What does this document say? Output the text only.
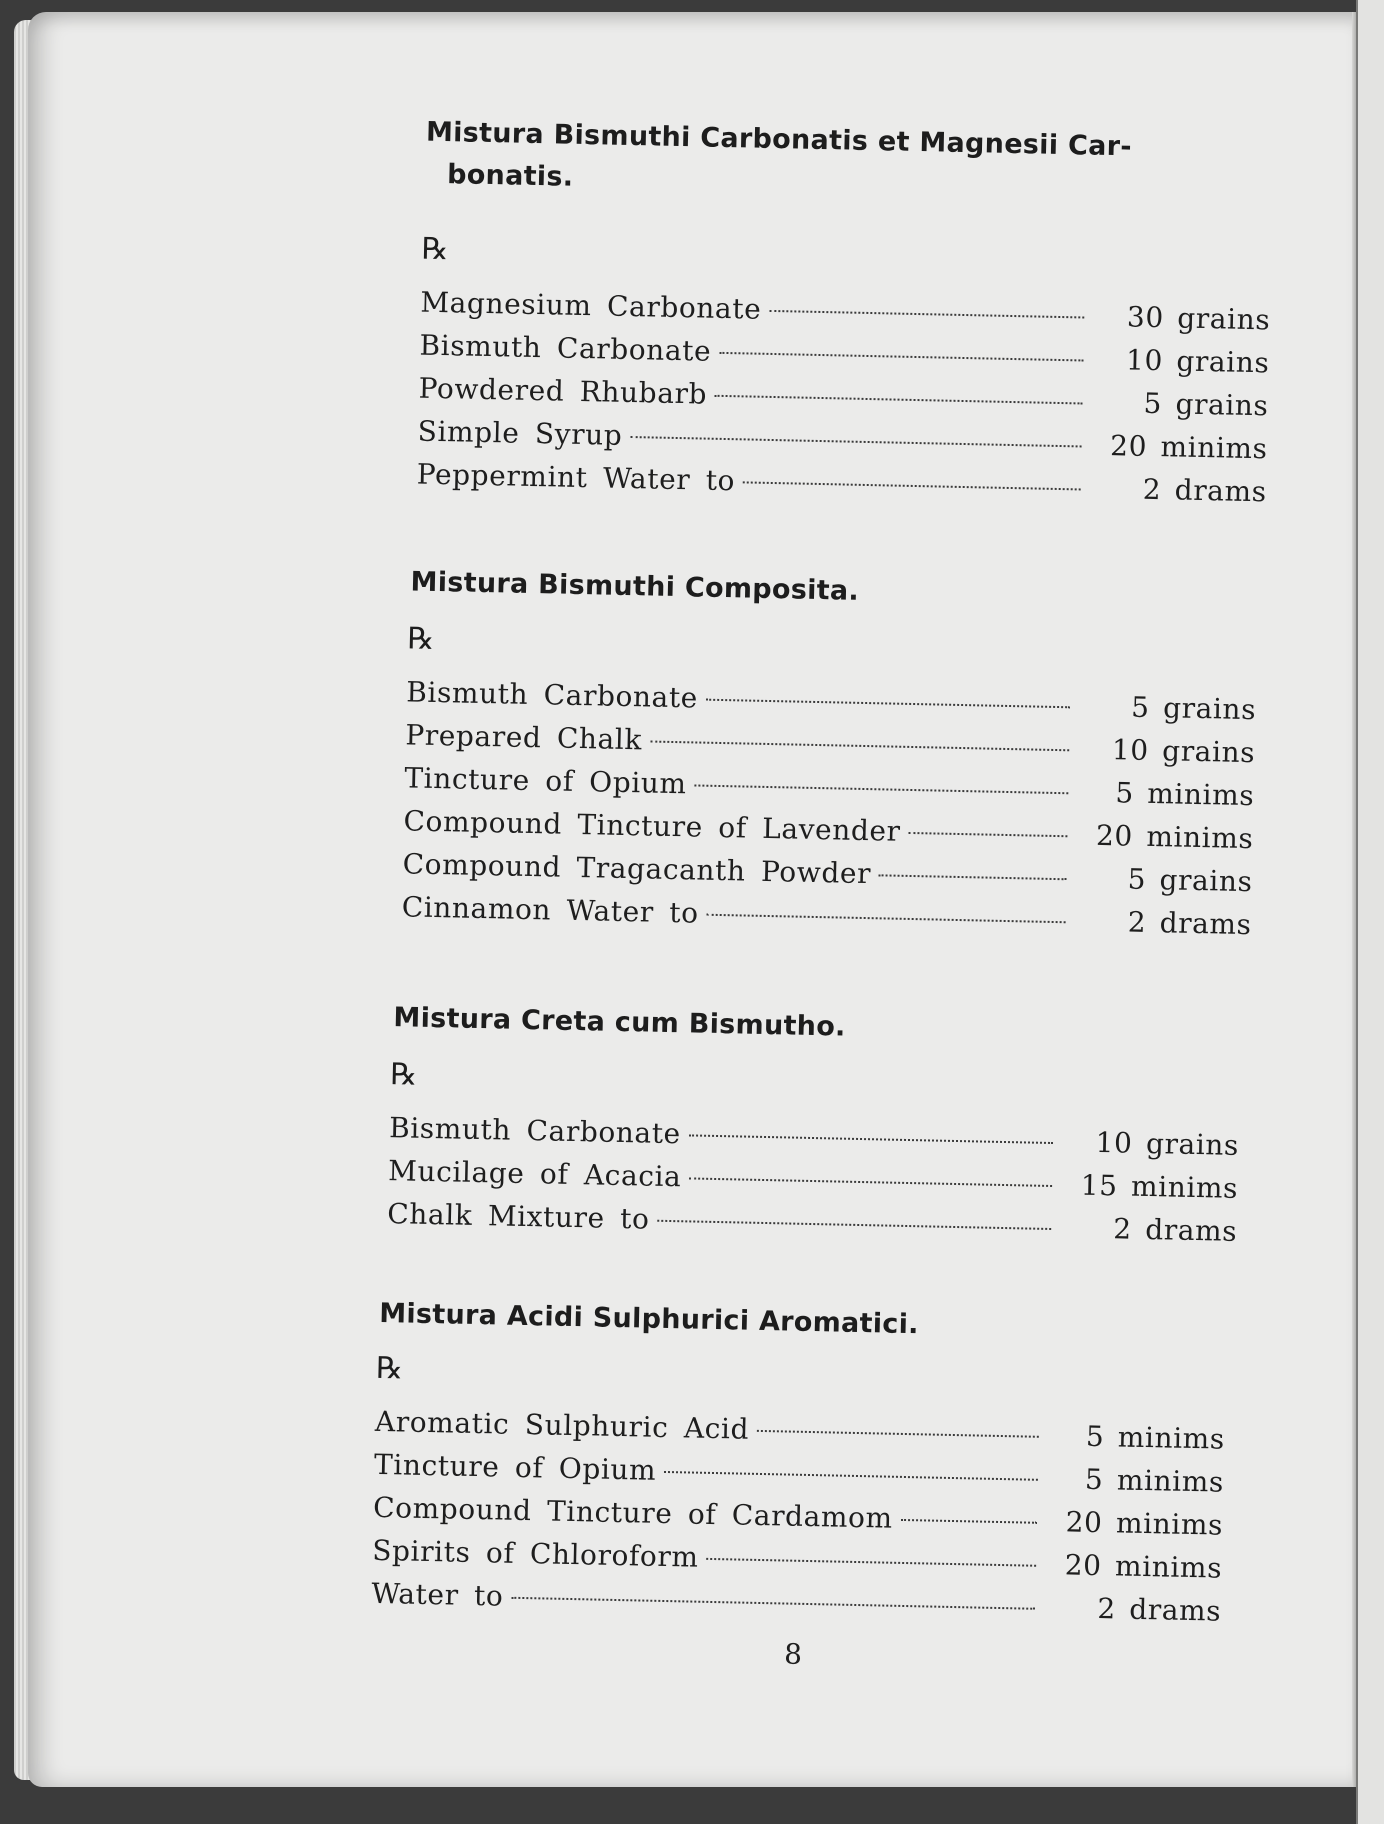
Mistura Bismuthi Carbonatis et Magnesii Car-
bonatis.
℞
Magnesium Carbonate	30 grains
Bismuth Carbonate	10 grains
Powdered Rhubarb	5 grains
Simple Syrup	20 minims
Peppermint Water to	2 drams
Mistura Bismuthi Composita.
℞
Bismuth Carbonate	5 grains
Prepared Chalk	10 grains
Tincture of Opium	5 minims
Compound Tincture of Lavender	20 minims
Compound Tragacanth Powder	5 grains
Cinnamon Water to	2 drams
Mistura Creta cum Bismutho.
℞
Bismuth Carbonate	10 grains
Mucilage of Acacia	15 minims
Chalk Mixture to	2 drams
Mistura Acidi Sulphurici Aromatici.
℞
Aromatic Sulphuric Acid	5 minims
Tincture of Opium	5 minims
Compound Tincture of Cardamom	20 minims
Spirits of Chloroform	20 minims
Water to	2 drams
8
